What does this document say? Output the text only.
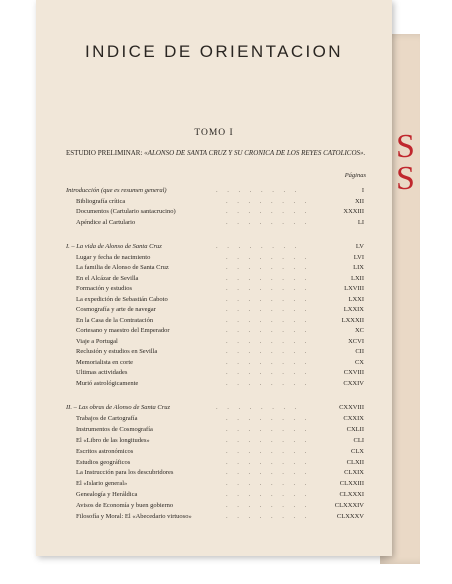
S
S
INDICE DE ORIENTACION
TOMO I
ESTUDIO PRELIMINAR: «ALONSO DE SANTA CRUZ Y SU CRONICA DE LOS REYES CATOLICOS».
Páginas
Introducción (que es resumen general)	. . . . . . . .	I
Bibliografía crítica	. . . . . . . .	XII
Documentos (Cartulario santacrucino)	. . . . . . . .	XXXIII
Apéndice al Cartulario	. . . . . . . .	LI
I. – La vida de Alonso de Santa Cruz	. . . . . . . .	LV
Lugar y fecha de nacimiento	. . . . . . . .	LVI
La familia de Alonso de Santa Cruz	. . . . . . . .	LIX
En el Alcázar de Sevilla	. . . . . . . .	LXII
Formación y estudios	. . . . . . . .	LXVIII
La expedición de Sebastián Caboto	. . . . . . . .	LXXI
Cosmografía y arte de navegar	. . . . . . . .	LXXIX
En la Casa de la Contratación	. . . . . . . .	LXXXII
Cortesano y maestro del Emperador	. . . . . . . .	XC
Viaje a Portugal	. . . . . . . .	XCVI
Reclusión y estudios en Sevilla	. . . . . . . .	CII
Memorialista en corte	. . . . . . . .	CX
Ultimas actividades	. . . . . . . .	CXVIII
Murió astrológicamente	. . . . . . . .	CXXIV
II. – Las obras de Alonso de Santa Cruz	. . . . . . . .	CXXVIII
Trabajos de Cartografía	. . . . . . . .	CXXIX
Instrumentos de Cosmografía	. . . . . . . .	CXLII
El «Libro de las longitudes»	. . . . . . . .	CLI
Escritos astronómicos	. . . . . . . .	CLX
Estudios geográficos	. . . . . . . .	CLXII
La Instrucción para los descubridores	. . . . . . . .	CLXIX
El «Islario general»	. . . . . . . .	CLXXIII
Genealogía y Heráldica	. . . . . . . .	CLXXXI
Avisos de Economía y buen gobierno	. . . . . . . .	CLXXXIV
Filosofía y Moral: El «Abecedario virtuoso»	. . . . . . . .	CLXXXV
